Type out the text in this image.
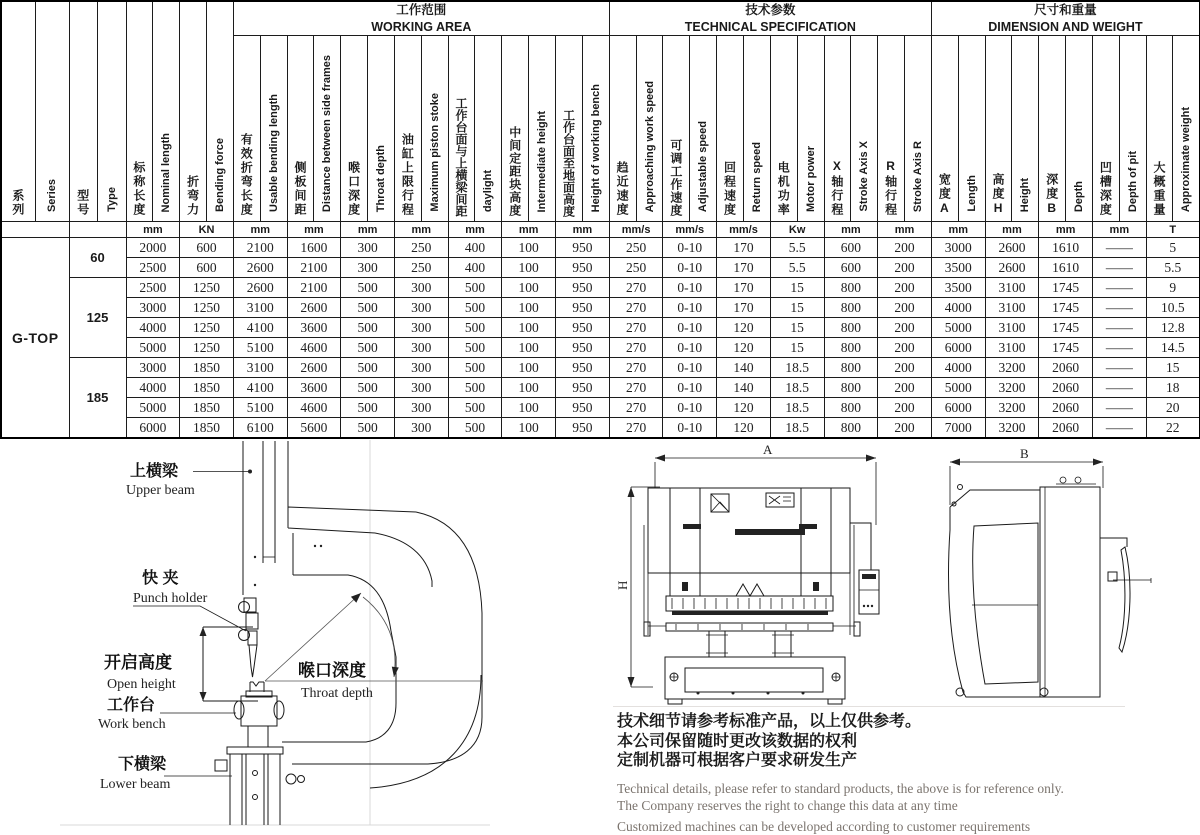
系列 Series	型号 Type	标称长度 Nominal length	折弯力 Bending force

工作范围
WORKING AREA

技术参数
TECHNICAL SPECIFICATION

尺寸和重量
DIMENSION AND WEIGHT

有效折弯长度 Usable bending length	侧板间距 Distance between side frames	喉口深度 Throat depth	油缸上限行程 Maximum piston stoke	工作台面与上横梁间距 daylight	中间定距块高度 Intermediate height	工作台面至地面高度 Height of working bench	趋近速度 Approaching work speed	可调工作速度 Adjustable speed	回程速度 Return speed	电机功率 Motor power	X轴行程 Stroke Axis X	R轴行程 Stroke Axis R	宽度A Length	高度H Height	深度B Depth	凹槽深度 Depth of pit	大概重量 Approximate weight

		mm	KN	mm	mm	mm	mm	mm	mm	mm	mm/s	mm/s	mm/s	Kw	mm	mm	mm	mm	mm	mm	T
G-TOP	60	2000	600	2100	1600	300	250	400	100	950	250	0-10	170	5.5	600	200	3000	2600	1610	——	5
		2500	600	2600	2100	300	250	400	100	950	250	0-10	170	5.5	600	200	3500	2600	1610	——	5.5
	125	2500	1250	2600	2100	500	300	500	100	950	270	0-10	170	15	800	200	3500	3100	1745	——	9
		3000	1250	3100	2600	500	300	500	100	950	270	0-10	170	15	800	200	4000	3100	1745	——	10.5
		4000	1250	4100	3600	500	300	500	100	950	270	0-10	120	15	800	200	5000	3100	1745	——	12.8
		5000	1250	5100	4600	500	300	500	100	950	270	0-10	120	15	800	200	6000	3100	1745	——	14.5
	185	3000	1850	3100	2600	500	300	500	100	950	270	0-10	140	18.5	800	200	4000	3200	2060	——	15
		4000	1850	4100	3600	500	300	500	100	950	270	0-10	140	18.5	800	200	5000	3200	2060	——	18
		5000	1850	5100	4600	500	300	500	100	950	270	0-10	120	18.5	800	200	6000	3200	2060	——	20
		6000	1850	6100	5600	500	300	500	100	950	270	0-10	120	18.5	800	200	7000	3200	2060	——	22
上横梁
Upper beam
快 夹
Punch holder
开启高度
Open height
喉口深度
Throat depth
工作台
Work bench
下横梁
Lower beam
A
H
B
技术细节请参考标准产品，以上仅供参考。
本公司保留随时更改该数据的权利
定制机器可根据客户要求研发生产
Technical details, please refer to standard products, the above is for reference only.
The Company reserves the right to change this data at any time
Customized machines can be developed according to customer requirements
